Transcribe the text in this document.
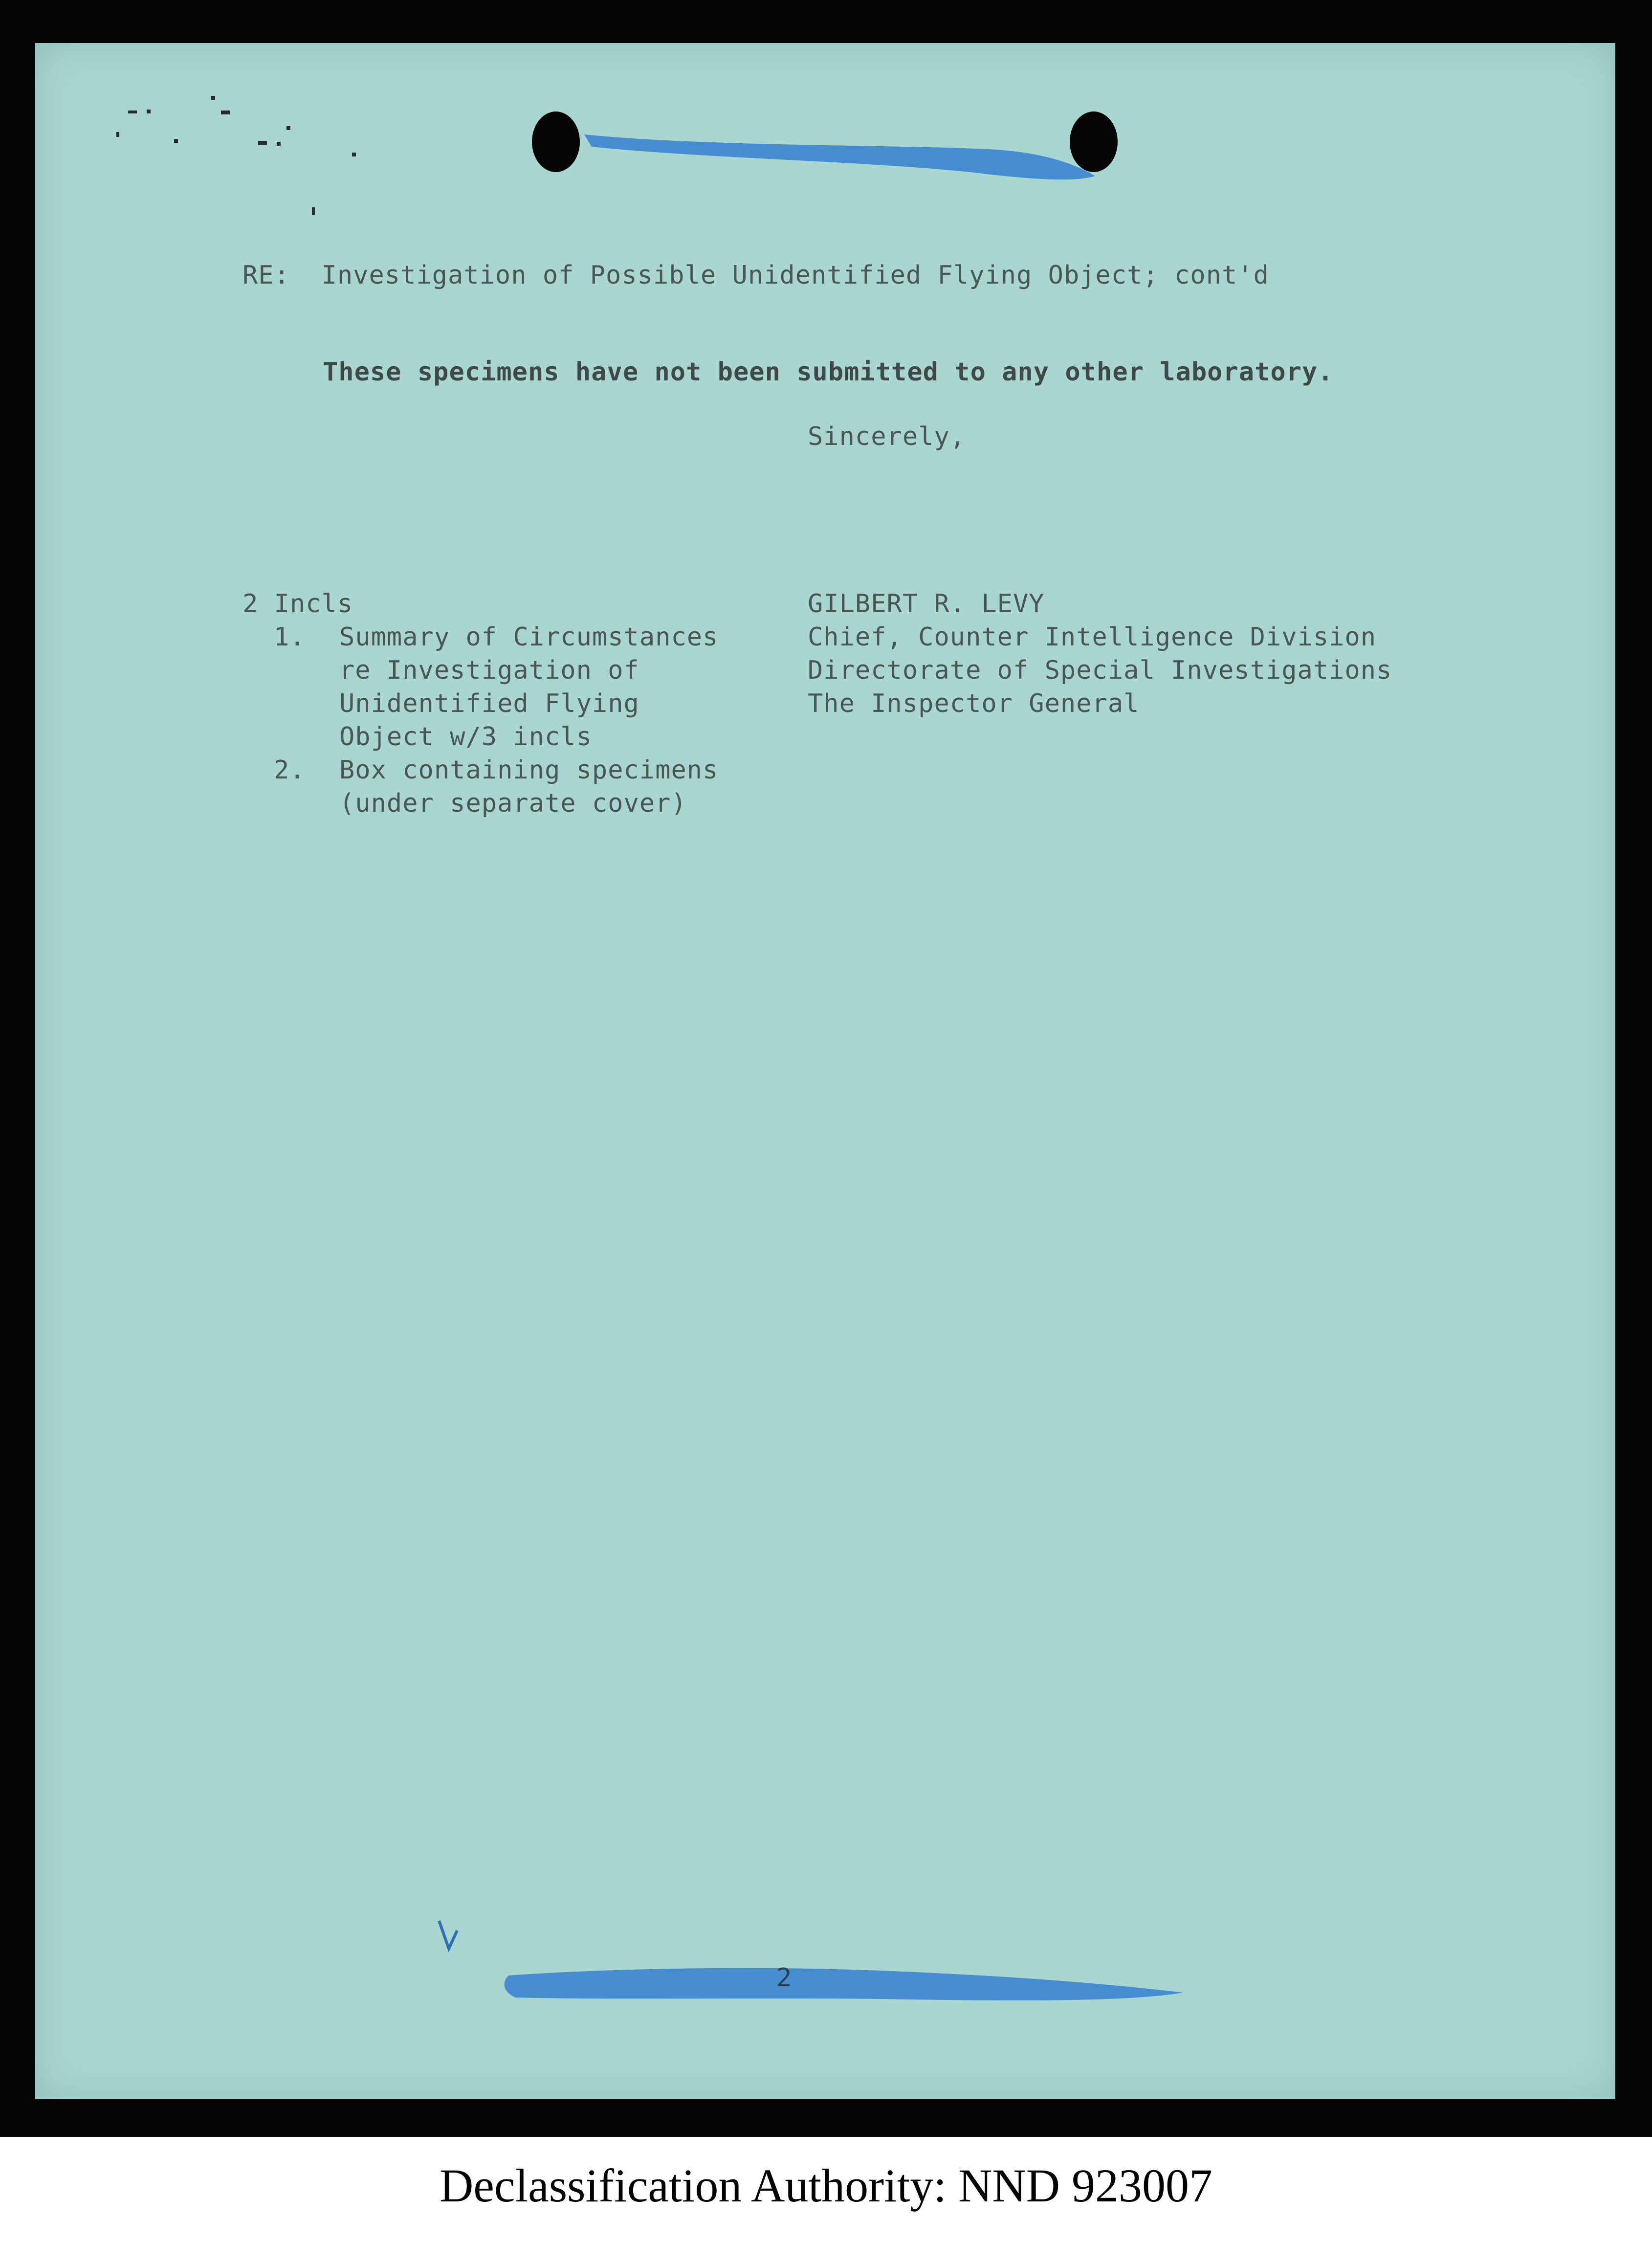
RE:  Investigation of Possible Unidentified Flying Object; cont'd
These specimens have not been submitted to any other laboratory.
Sincerely,
2 Incls
1. Summary of Circumstances
re Investigation of
Unidentified Flying
Object w/3 incls
2. Box containing specimens
(under separate cover)
GILBERT R. LEVY
Chief, Counter Intelligence Division
Directorate of Special Investigations
The Inspector General
2
Declassification Authority: NND 923007
